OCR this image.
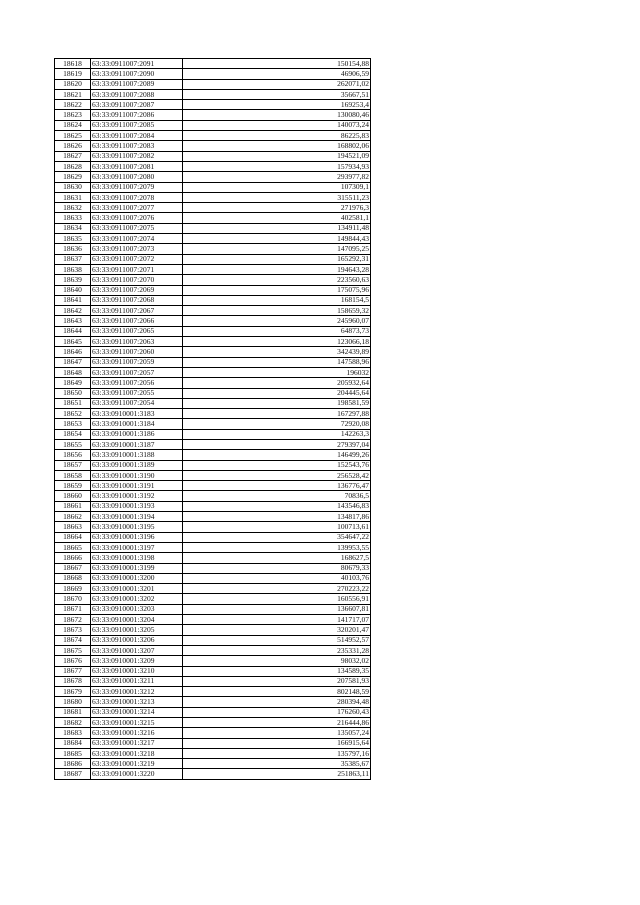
18618	63:33:0911007:2091	150154,88
18619	63:33:0911007:2090	46906,59
18620	63:33:0911007:2089	262071,02
18621	63:33:0911007:2088	35667,51
18622	63:33:0911007:2087	169253,4
18623	63:33:0911007:2086	130080,46
18624	63:33:0911007:2085	140073,24
18625	63:33:0911007:2084	86225,83
18626	63:33:0911007:2083	168802,06
18627	63:33:0911007:2082	194521,09
18628	63:33:0911007:2081	157934,93
18629	63:33:0911007:2080	293977,82
18630	63:33:0911007:2079	107309,1
18631	63:33:0911007:2078	315511,23
18632	63:33:0911007:2077	271976,3
18633	63:33:0911007:2076	402581,1
18634	63:33:0911007:2075	134911,48
18635	63:33:0911007:2074	149844,43
18636	63:33:0911007:2073	147095,25
18637	63:33:0911007:2072	165292,31
18638	63:33:0911007:2071	194643,28
18639	63:33:0911007:2070	223560,63
18640	63:33:0911007:2069	175075,96
18641	63:33:0911007:2068	168154,5
18642	63:33:0911007:2067	158659,32
18643	63:33:0911007:2066	245960,07
18644	63:33:0911007:2065	64873,73
18645	63:33:0911007:2063	123066,18
18646	63:33:0911007:2060	342439,89
18647	63:33:0911007:2059	147588,96
18648	63:33:0911007:2057	196032
18649	63:33:0911007:2056	205932,64
18650	63:33:0911007:2055	204445,64
18651	63:33:0911007:2054	198581,59
18652	63:33:0910001:3183	167297,88
18653	63:33:0910001:3184	72920,08
18654	63:33:0910001:3186	142263,3
18655	63:33:0910001:3187	279397,04
18656	63:33:0910001:3188	146499,26
18657	63:33:0910001:3189	152543,76
18658	63:33:0910001:3190	256528,42
18659	63:33:0910001:3191	136776,47
18660	63:33:0910001:3192	70836,5
18661	63:33:0910001:3193	143546,83
18662	63:33:0910001:3194	134817,86
18663	63:33:0910001:3195	100713,61
18664	63:33:0910001:3196	354647,22
18665	63:33:0910001:3197	139953,55
18666	63:33:0910001:3198	168627,5
18667	63:33:0910001:3199	80679,33
18668	63:33:0910001:3200	40103,76
18669	63:33:0910001:3201	270223,22
18670	63:33:0910001:3202	160556,91
18671	63:33:0910001:3203	136607,81
18672	63:33:0910001:3204	141717,07
18673	63:33:0910001:3205	320201,47
18674	63:33:0910001:3206	514952,57
18675	63:33:0910001:3207	235331,28
18676	63:33:0910001:3209	98032,02
18677	63:33:0910001:3210	134589,35
18678	63:33:0910001:3211	207581,93
18679	63:33:0910001:3212	802148,59
18680	63:33:0910001:3213	280394,48
18681	63:33:0910001:3214	176260,43
18682	63:33:0910001:3215	216444,86
18683	63:33:0910001:3216	135057,24
18684	63:33:0910001:3217	166915,64
18685	63:33:0910001:3218	135797,16
18686	63:33:0910001:3219	35385,67
18687	63:33:0910001:3220	251863,11
